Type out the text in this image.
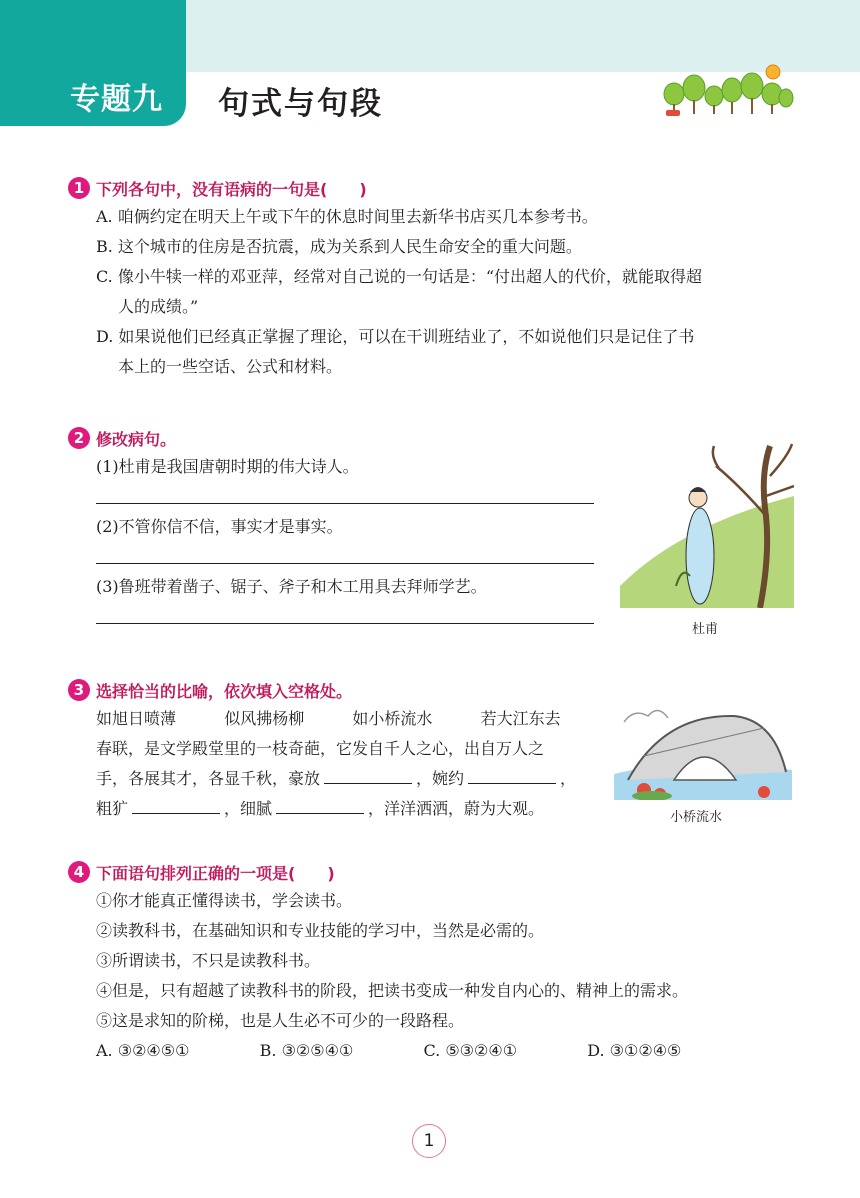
专题九 句式与句段
1 下列各句中，没有语病的一句是(　　)
A. 咱俩约定在明天上午或下午的休息时间里去新华书店买几本参考书。
B. 这个城市的住房是否抗震，成为关系到人民生命安全的重大问题。
C. 像小牛犊一样的邓亚萍，经常对自己说的一句话是：“付出超人的代价，就能取得超
人的成绩。”
D. 如果说他们已经真正掌握了理论，可以在干训班结业了，不如说他们只是记住了书
本上的一些空话、公式和材料。
2 修改病句。
(1)杜甫是我国唐朝时期的伟大诗人。
(2)不管你信不信，事实才是事实。
(3)鲁班带着凿子、锯子、斧子和木工用具去拜师学艺。
杜甫
3 选择恰当的比喻，依次填入空格处。
如旭日喷薄	似风拂杨柳	如小桥流水	若大江东去
春联，是文学殿堂里的一枝奇葩，它发自千人之心，出自万人之
手，各展其才，各显千秋，豪放	，婉约	，
粗犷	，细腻	，洋洋洒洒，蔚为大观。	小桥流水
4 下面语句排列正确的一项是(　　)
①你才能真正懂得读书，学会读书。
②读教科书，在基础知识和专业技能的学习中，当然是必需的。
③所谓读书，不只是读教科书。
④但是，只有超越了读教科书的阶段，把读书变成一种发自内心的、精神上的需求。
⑤这是求知的阶梯，也是人生必不可少的一段路程。
A. ③②④⑤①	B. ③②⑤④①	C. ⑤③②④①	D. ③①②④⑤
1
